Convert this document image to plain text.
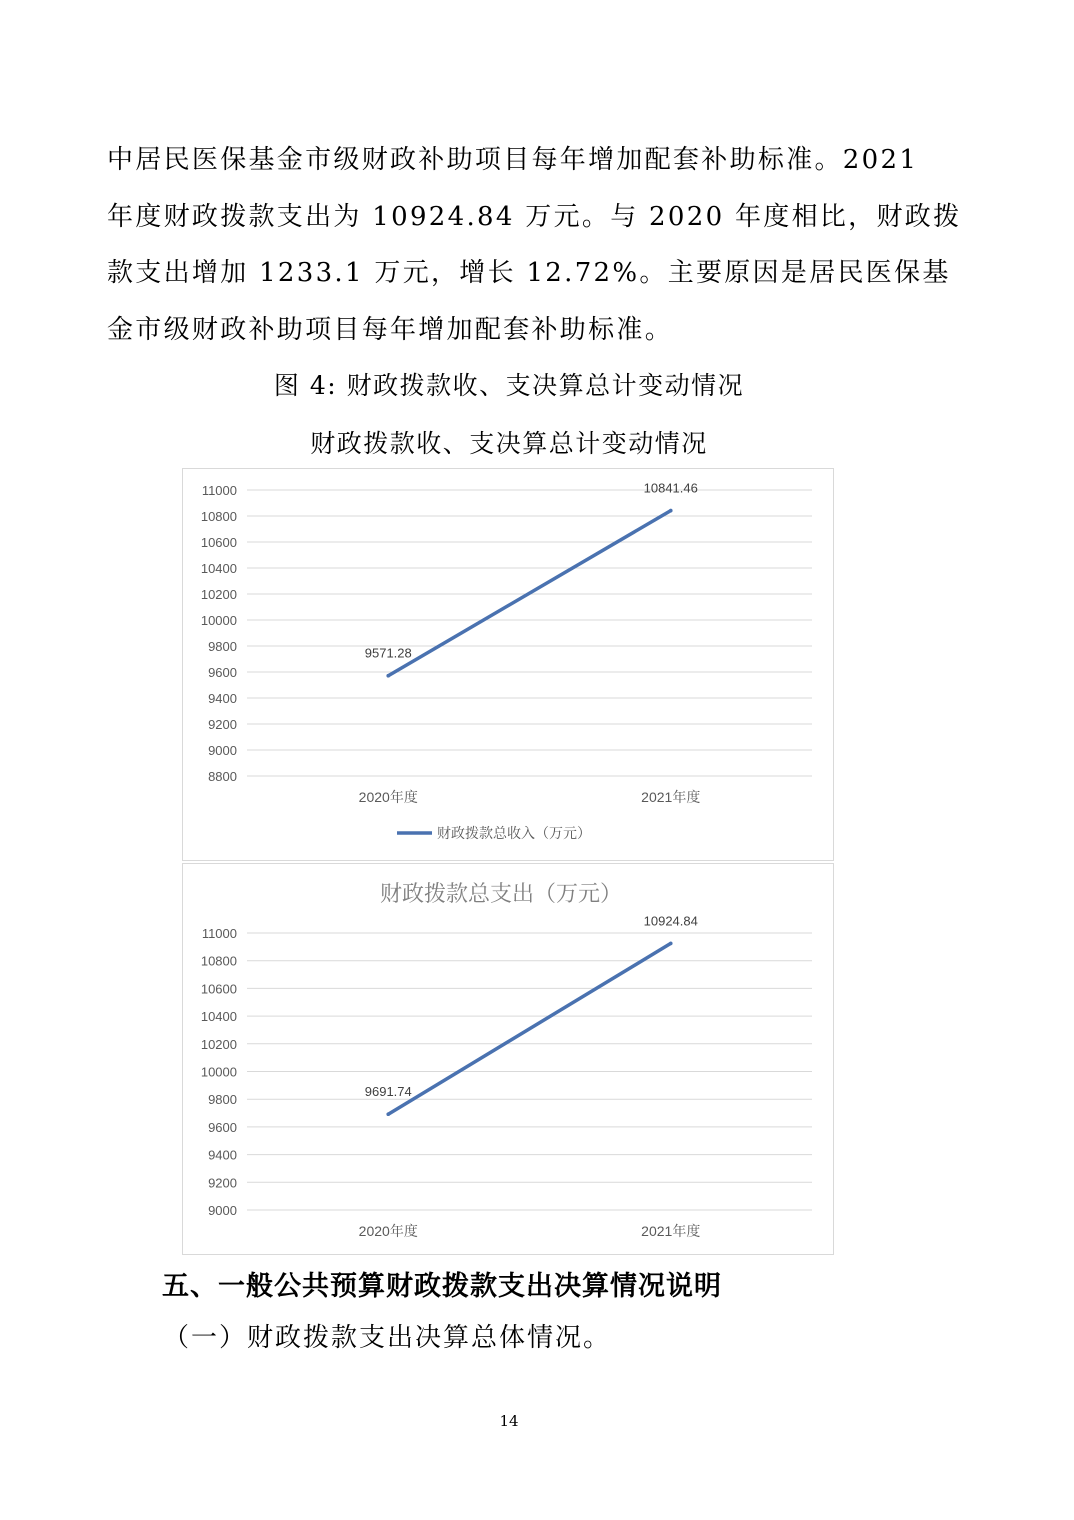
中居民医保基金市级财政补助项目每年增加配套补助标准。2021
年度财政拨款支出为 10924.84 万元。与 2020 年度相比，财政拨
款支出增加 1233.1 万元，增长 12.72%。主要原因是居民医保基
金市级财政补助项目每年增加配套补助标准。
图 4: 财政拨款收、支决算总计变动情况
财政拨款收、支决算总计变动情况
8800
9000
9200
9400
9600
9800
10000
10200
10400
10600
10800
11000
2020年度	2021年度
9571.28
10841.46
财政拨款总收入（万元）
财政拨款总支出（万元）
9000
9200
9400
9600
9800
10000
10200
10400
10600
10800
11000
2020年度	2021年度
9691.74
10924.84
五、一般公共预算财政拨款支出决算情况说明
（一）财政拨款支出决算总体情况。
14
